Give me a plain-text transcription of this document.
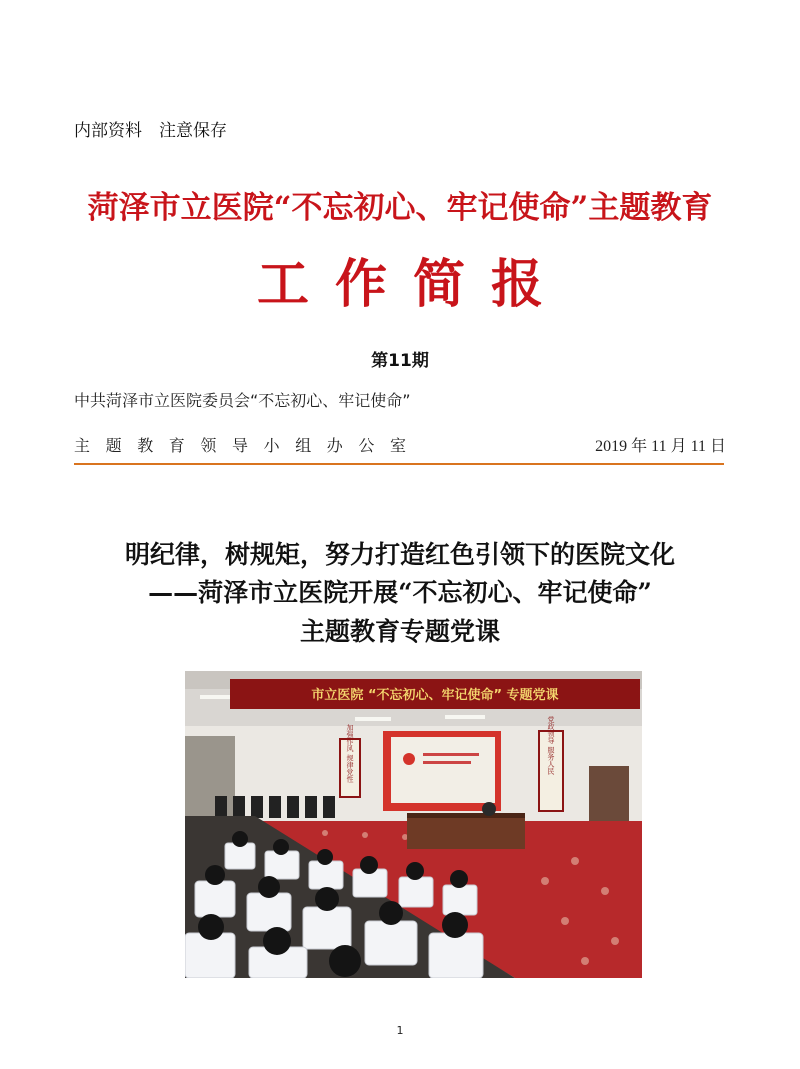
内部资料　注意保存
菏泽市立医院“不忘初心、牢记使命”主题教育
工作简报
第11期
中共菏泽市立医院委员会“不忘初心、牢记使命”
主题教育领导小组办公室	2019 年 11 月 11 日
明纪律，树规矩，努力打造红色引领下的医院文化
——菏泽市立医院开展“不忘初心、牢记使命”
主题教育专题党课
市立医院 “不忘初心、牢记使命” 专题党课
加强作风 规律党性	党政领导 服务人民
1
